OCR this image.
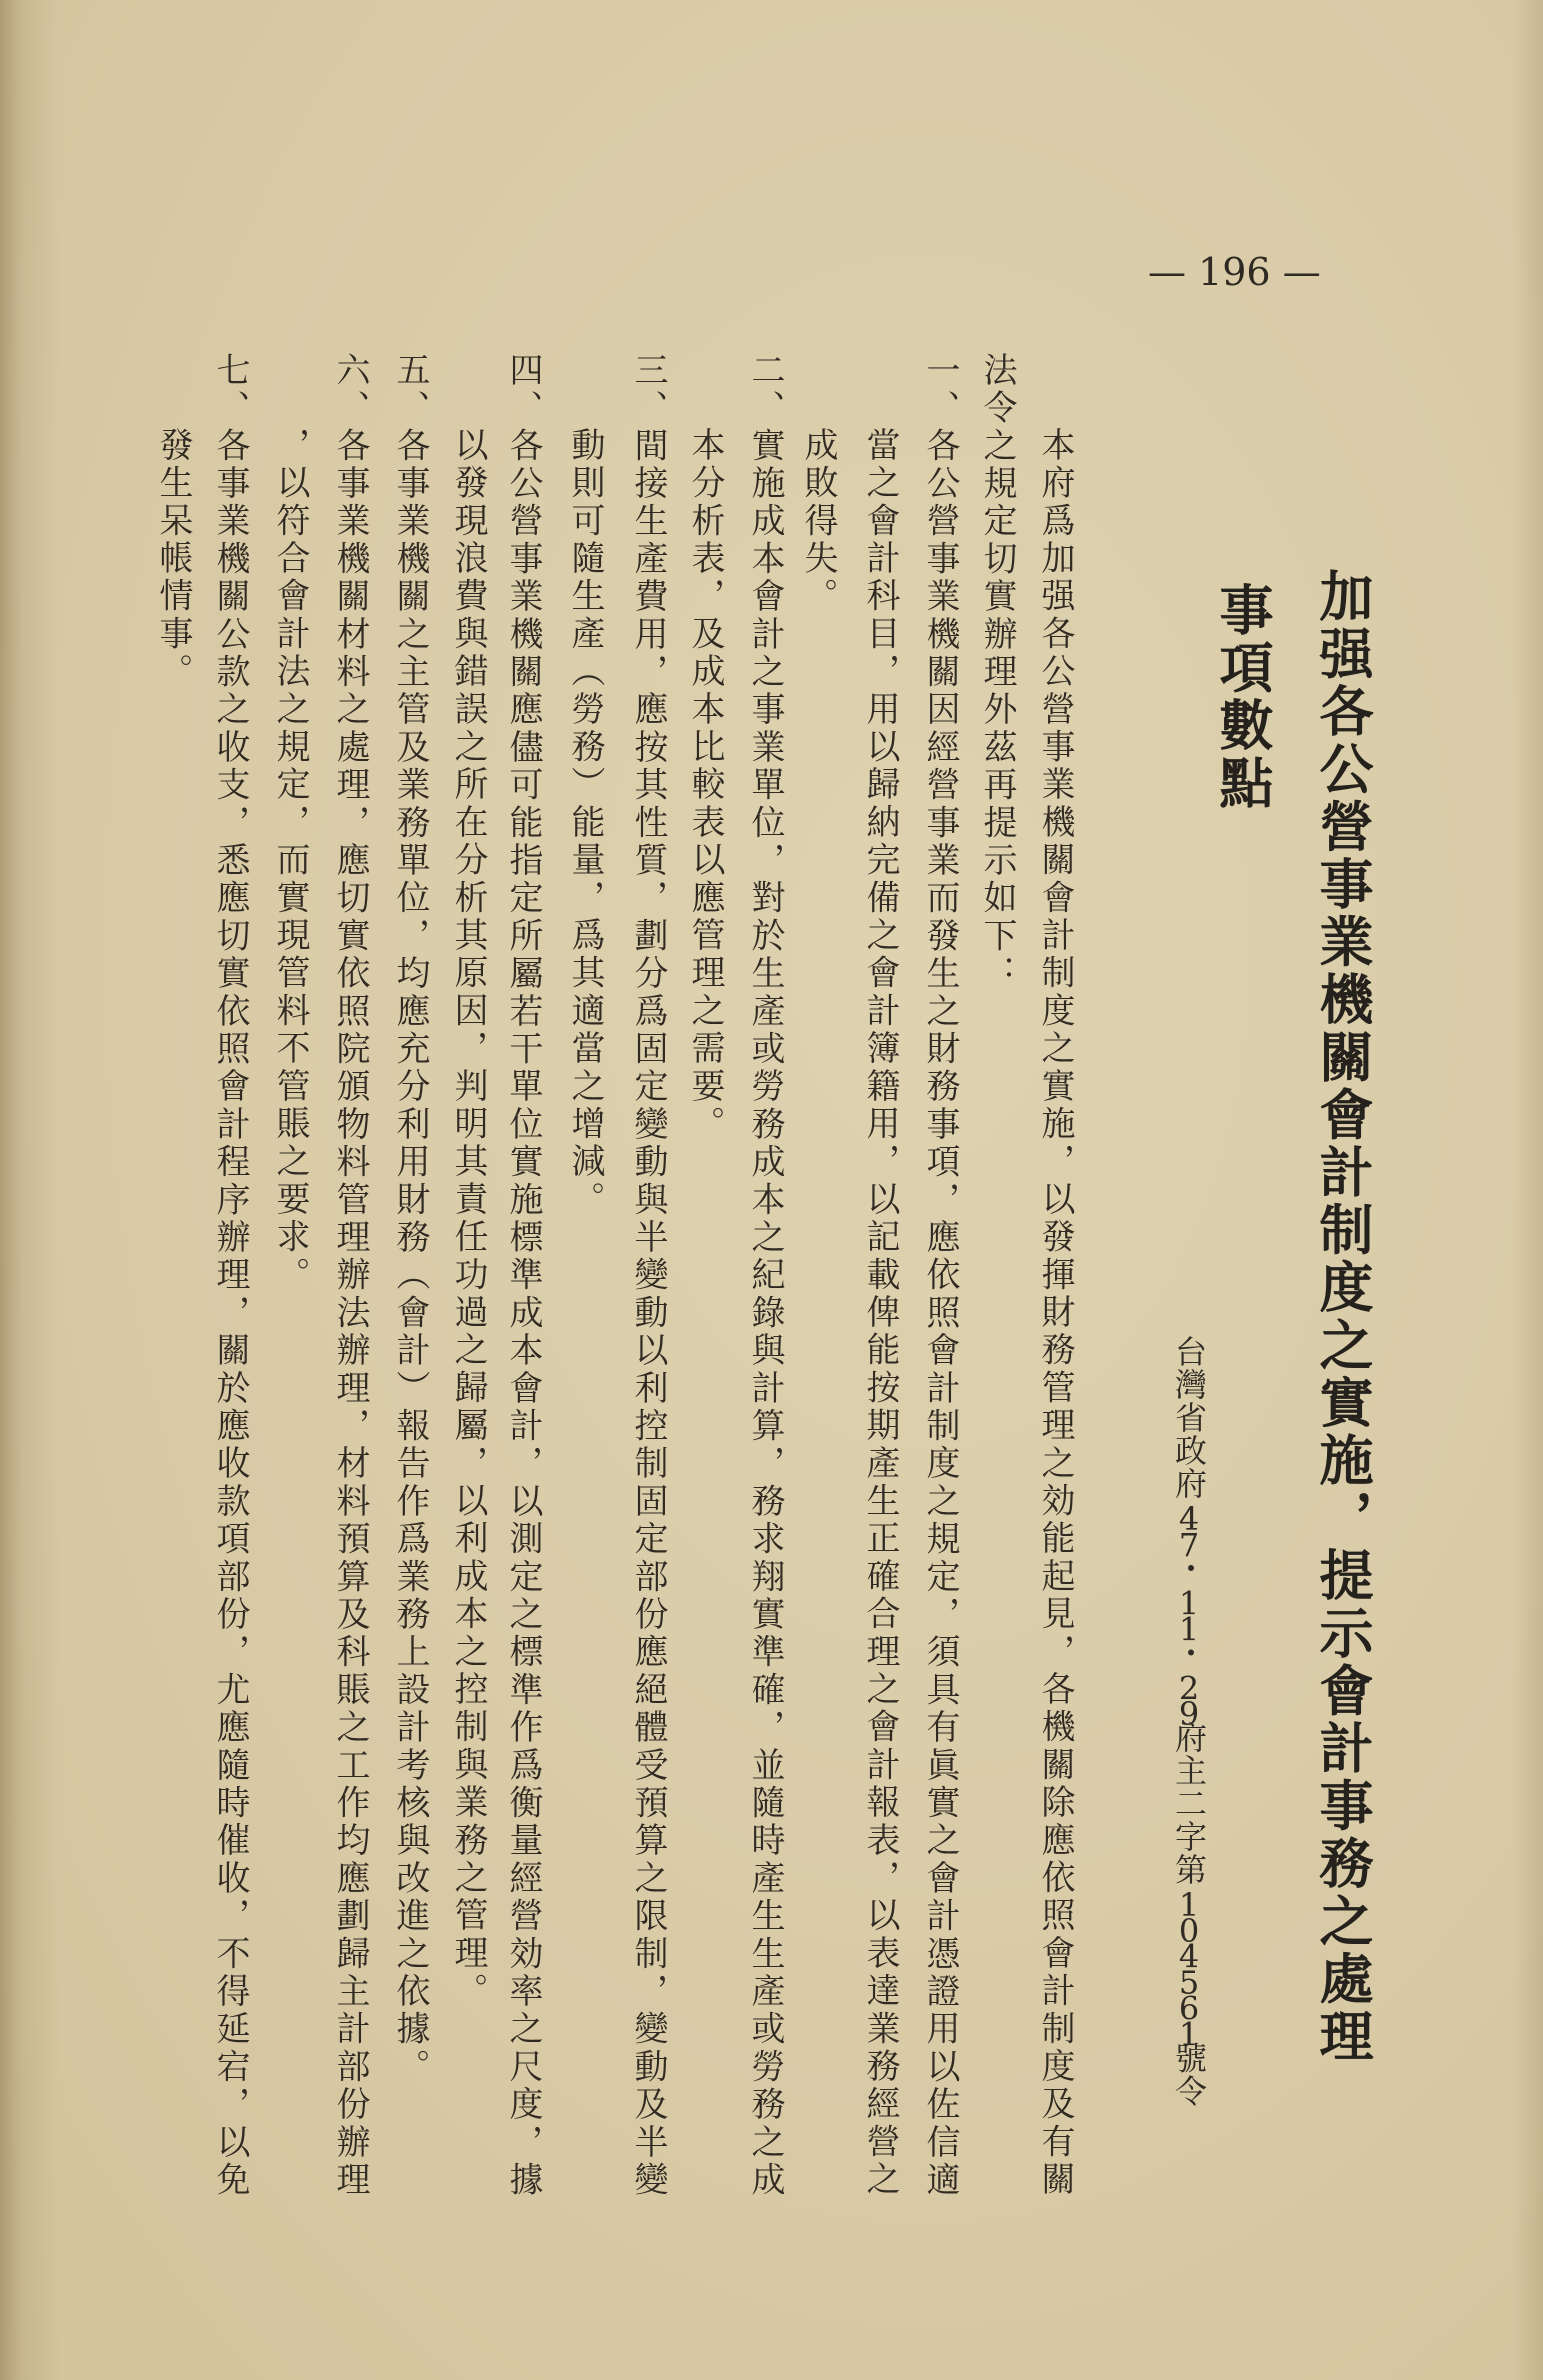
— 196 —
加强各公營事業機關會計制度之實施，提示會計事務之處理
事項數點
台灣省政府47・11・29府主二字第104561號令
本府爲加强各公營事業機關會計制度之實施，以發揮財務管理之効能起見，各機關除應依照會計制度及有關
法令之規定切實辦理外茲再提示如下：
一、各公營事業機關因經營事業而發生之財務事項，應依照會計制度之規定，須具有眞實之會計憑證用以佐信適
當之會計科目，用以歸納完備之會計簿籍用，以記載俾能按期產生正確合理之會計報表，以表達業務經營之
成敗得失。
二、實施成本會計之事業單位，對於生產或勞務成本之紀錄與計算，務求翔實準確，並隨時產生生產或勞務之成
本分析表，及成本比較表以應管理之需要。
三、間接生產費用，應按其性質，劃分爲固定變動與半變動以利控制固定部份應絕體受預算之限制，變動及半變
動則可隨生產（勞務）能量，爲其適當之增減。
四、各公營事業機關應儘可能指定所屬若干單位實施標準成本會計，以測定之標準作爲衡量經營効率之尺度，據
以發現浪費與錯誤之所在分析其原因，判明其責任功過之歸屬，以利成本之控制與業務之管理。
五、各事業機關之主管及業務單位，均應充分利用財務（會計）報告作爲業務上設計考核與改進之依據。
六、各事業機關材料之處理，應切實依照院頒物料管理辦法辦理，材料預算及科賬之工作均應劃歸主計部份辦理
，以符合會計法之規定，而實現管料不管賬之要求。
七、各事業機關公款之收支，悉應切實依照會計程序辦理，關於應收款項部份，尤應隨時催收，不得延宕，以免
發生呆帳情事。
